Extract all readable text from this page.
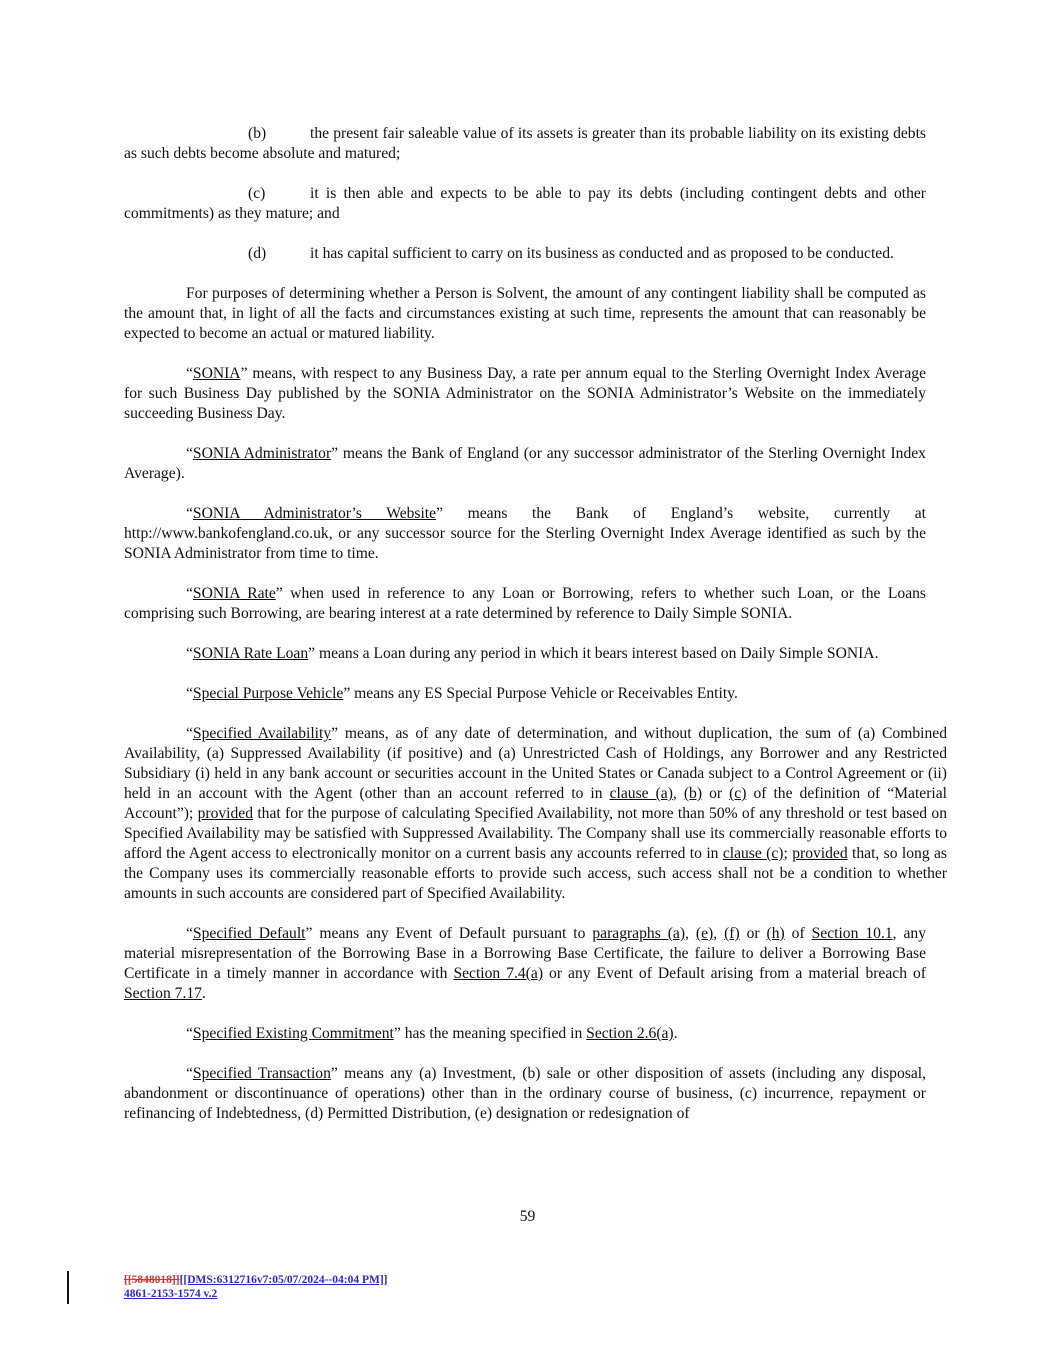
(b)	the present fair saleable value of its assets is greater than its probable liability on its existing debts as such debts become absolute and matured;

(c)	it is then able and expects to be able to pay its debts (including contingent debts and other commitments) as they mature; and

(d)	it has capital sufficient to carry on its business as conducted and as proposed to be conducted.

For purposes of determining whether a Person is Solvent, the amount of any contingent liability shall be computed as the amount that, in light of all the facts and circumstances existing at such time, represents the amount that can reasonably be expected to become an actual or matured liability.

“SONIA” means, with respect to any Business Day, a rate per annum equal to the Sterling Overnight Index Average for such Business Day published by the SONIA Administrator on the SONIA Administrator’s Website on the immediately succeeding Business Day.

“SONIA Administrator” means the Bank of England (or any successor administrator of the Sterling Overnight Index Average).

“SONIA Administrator’s Website” means the Bank of England’s website, currently at http://www.bankofengland.co.uk, or any successor source for the Sterling Overnight Index Average identified as such by the SONIA Administrator from time to time.

“SONIA Rate” when used in reference to any Loan or Borrowing, refers to whether such Loan, or the Loans comprising such Borrowing, are bearing interest at a rate determined by reference to Daily Simple SONIA.

“SONIA Rate Loan” means a Loan during any period in which it bears interest based on Daily Simple SONIA.

“Special Purpose Vehicle” means any ES Special Purpose Vehicle or Receivables Entity.

“Specified Availability” means, as of any date of determination, and without duplication, the sum of (a) Combined Availability, (a) Suppressed Availability (if positive) and (a) Unrestricted Cash of Holdings, any Borrower and any Restricted Subsidiary (i) held in any bank account or securities account in the United States or Canada subject to a Control Agreement or (ii) held in an account with the Agent (other than an account referred to in clause (a), (b) or (c) of the definition of “Material Account”); provided that for the purpose of calculating Specified Availability, not more than 50% of any threshold or test based on Specified Availability may be satisfied with Suppressed Availability. The Company shall use its commercially reasonable efforts to afford the Agent access to electronically monitor on a current basis any accounts referred to in clause (c); provided that, so long as the Company uses its commercially reasonable efforts to provide such access, such access shall not be a condition to whether amounts in such accounts are considered part of Specified Availability.

“Specified Default” means any Event of Default pursuant to paragraphs (a), (e), (f) or (h) of Section 10.1, any material misrepresentation of the Borrowing Base in a Borrowing Base Certificate, the failure to deliver a Borrowing Base Certificate in a timely manner in accordance with Section 7.4(a) or any Event of Default arising from a material breach of Section 7.17.

“Specified Existing Commitment” has the meaning specified in Section 2.6(a).

“Specified Transaction” means any (a) Investment, (b) sale or other disposition of assets (including any disposal, abandonment or discontinuance of operations) other than in the ordinary course of business, (c) incurrence, repayment or refinancing of Indebtedness, (d) Permitted Distribution, (e) designation or redesignation of

59
[[5848018]][[DMS:6312716v7:05/07/2024--04:04 PM]]
4861-2153-1574 v.2
